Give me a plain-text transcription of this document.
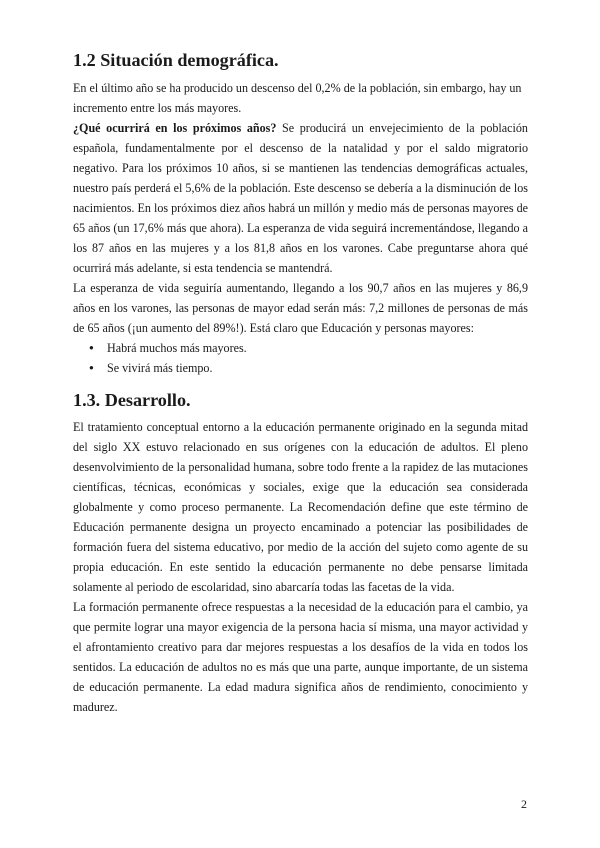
1.2 Situación demográfica.

En el último año se ha producido un descenso del 0,2% de la población, sin embargo, hay un incremento entre los más mayores.

¿Qué ocurrirá en los próximos años? Se producirá un envejecimiento de la población española, fundamentalmente por el descenso de la natalidad y por el saldo migratorio negativo. Para los próximos 10 años, si se mantienen las tendencias demográficas actuales, nuestro país perderá el 5,6% de la población. Este descenso se debería a la disminución de los nacimientos. En los próximos diez años habrá un millón y medio más de personas mayores de 65 años (un 17,6% más que ahora). La esperanza de vida seguirá incrementándose, llegando a los 87 años en las mujeres y a los 81,8 años en los varones. Cabe preguntarse ahora qué ocurrirá más adelante, si esta tendencia se mantendrá.

La esperanza de vida seguiría aumentando, llegando a los 90,7 años en las mujeres y 86,9 años en los varones, las personas de mayor edad serán más: 7,2 millones de personas de más de 65 años (¡un aumento del 89%!). Está claro que Educación y personas mayores:

● Habrá muchos más mayores.
● Se vivirá más tiempo.
1.3. Desarrollo.

El tratamiento conceptual entorno a la educación permanente originado en la segunda mitad del siglo XX estuvo relacionado en sus orígenes con la educación de adultos. El pleno desenvolvimiento de la personalidad humana, sobre todo frente a la rapidez de las mutaciones científicas, técnicas, económicas y sociales, exige que la educación sea considerada globalmente y como proceso permanente. La Recomendación define que este término de Educación permanente designa un proyecto encaminado a potenciar las posibilidades de formación fuera del sistema educativo, por medio de la acción del sujeto como agente de su propia educación. En este sentido la educación permanente no debe pensarse limitada solamente al periodo de escolaridad, sino abarcaría todas las facetas de la vida.

La formación permanente ofrece respuestas a la necesidad de la educación para el cambio, ya que permite lograr una mayor exigencia de la persona hacia sí misma, una mayor actividad y el afrontamiento creativo para dar mejores respuestas a los desafíos de la vida en todos los sentidos. La educación de adultos no es más que una parte, aunque importante, de un sistema de educación permanente. La edad madura significa años de rendimiento, conocimiento y madurez.

2
